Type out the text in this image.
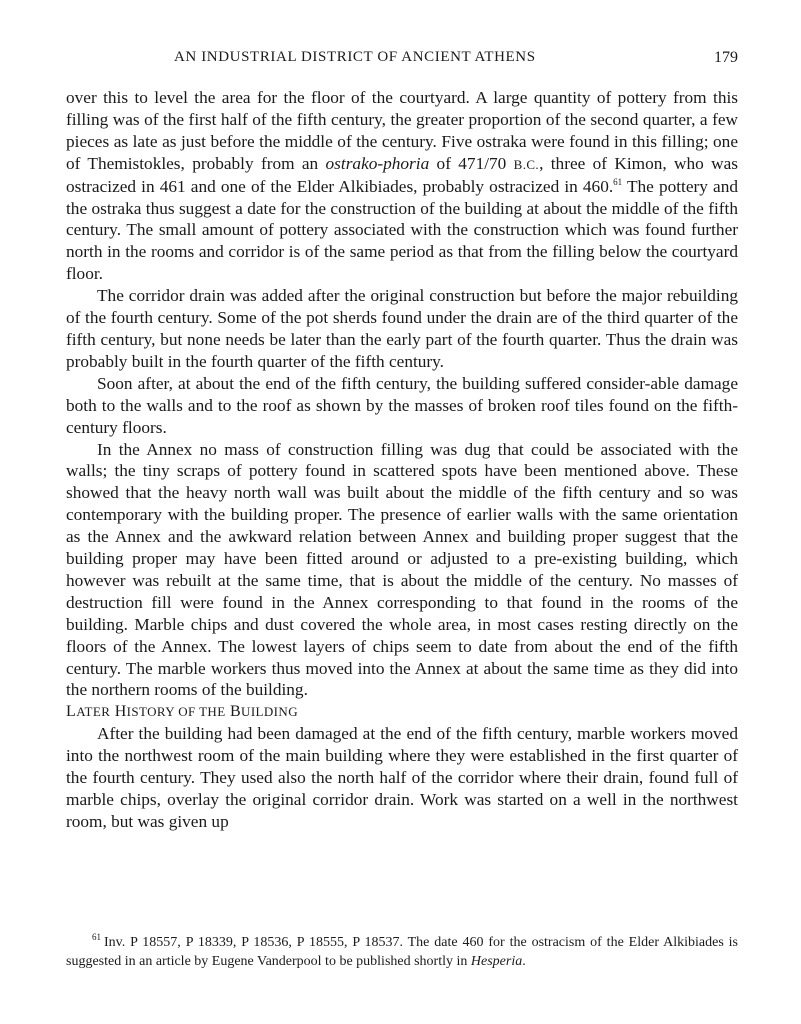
AN INDUSTRIAL DISTRICT OF ANCIENT ATHENS	179

over this to level the area for the floor of the courtyard. A large quantity of pottery from this filling was of the first half of the fifth century, the greater proportion of the second quarter, a few pieces as late as just before the middle of the century. Five ostraka were found in this filling; one of Themistokles, probably from an ostrako-phoria of 471/70 B.C., three of Kimon, who was ostracized in 461 and one of the Elder Alkibiades, probably ostracized in 460.61 The pottery and the ostraka thus suggest a date for the construction of the building at about the middle of the fifth century. The small amount of pottery associated with the construction which was found further north in the rooms and corridor is of the same period as that from the filling below the courtyard floor.

The corridor drain was added after the original construction but before the major rebuilding of the fourth century. Some of the pot sherds found under the drain are of the third quarter of the fifth century, but none needs be later than the early part of the fourth quarter. Thus the drain was probably built in the fourth quarter of the fifth century.

Soon after, at about the end of the fifth century, the building suffered consider-able damage both to the walls and to the roof as shown by the masses of broken roof tiles found on the fifth-century floors.

In the Annex no mass of construction filling was dug that could be associated with the walls; the tiny scraps of pottery found in scattered spots have been mentioned above. These showed that the heavy north wall was built about the middle of the fifth century and so was contemporary with the building proper. The presence of earlier walls with the same orientation as the Annex and the awkward relation between Annex and building proper suggest that the building proper may have been fitted around or adjusted to a pre-existing building, which however was rebuilt at the same time, that is about the middle of the century. No masses of destruction fill were found in the Annex corresponding to that found in the rooms of the building. Marble chips and dust covered the whole area, in most cases resting directly on the floors of the Annex. The lowest layers of chips seem to date from about the end of the fifth century. The marble workers thus moved into the Annex at about the same time as they did into the northern rooms of the building.

LATER HISTORY OF THE BUILDING

After the building had been damaged at the end of the fifth century, marble workers moved into the northwest room of the main building where they were established in the first quarter of the fourth century. They used also the north half of the corridor where their drain, found full of marble chips, overlay the original corridor drain. Work was started on a well in the northwest room, but was given up

$^{61}$ Inv. P 18557, P 18339, P 18536, P 18555, P 18537. The date 460 for the ostracism of the Elder Alkibiades is suggested in an article by Eugene Vanderpool to be published shortly in Hesperia.
